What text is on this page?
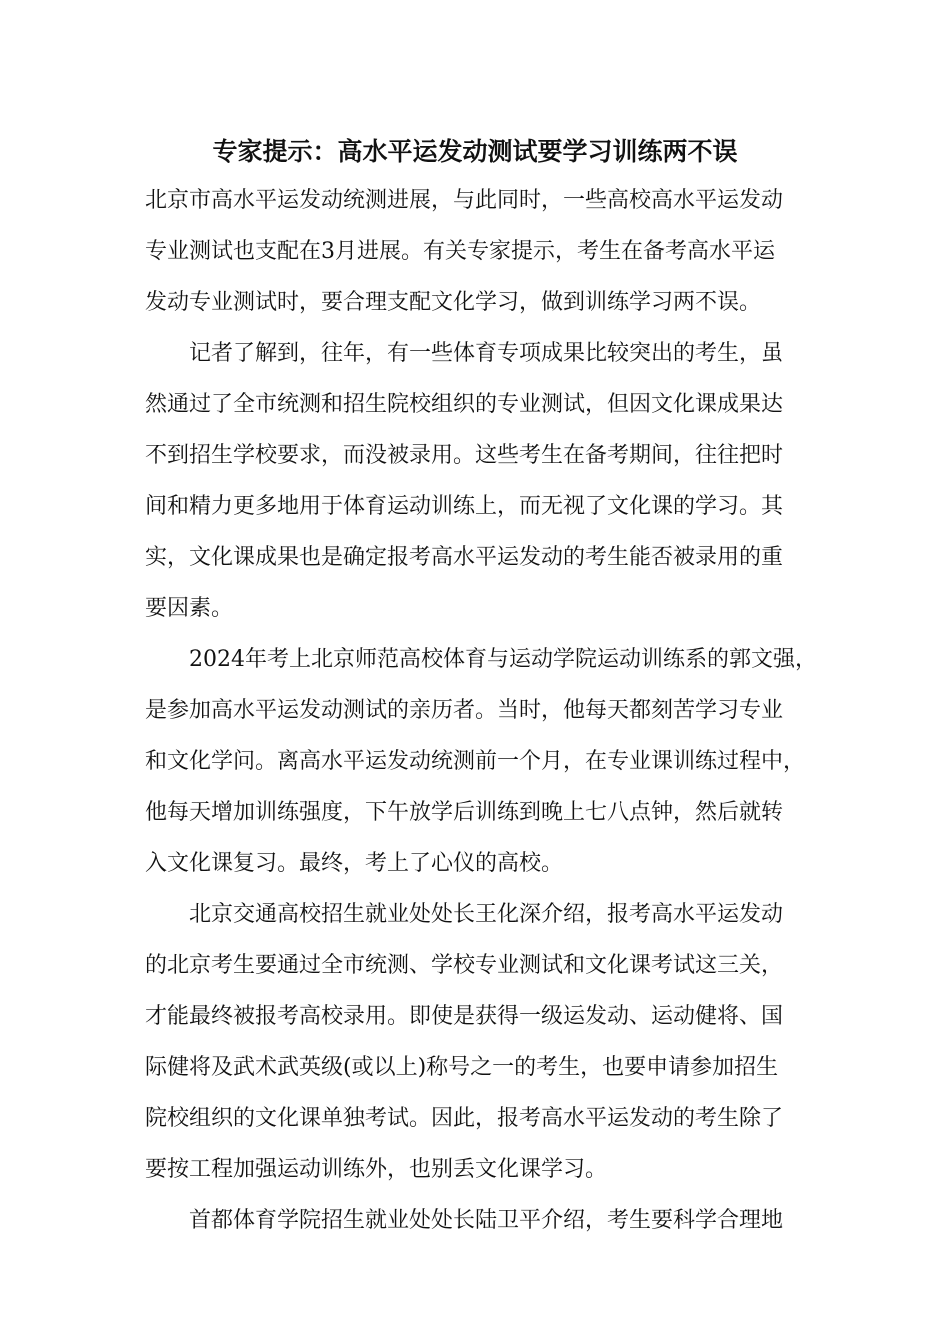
专家提示：高水平运发动测试要学习训练两不误
北京市高水平运发动统测进展，与此同时，一些高校高水平运发动
专业测试也支配在3月进展。有关专家提示，考生在备考高水平运
发动专业测试时，要合理支配文化学习，做到训练学习两不误。
记者了解到，往年，有一些体育专项成果比较突出的考生，虽
然通过了全市统测和招生院校组织的专业测试，但因文化课成果达
不到招生学校要求，而没被录用。这些考生在备考期间，往往把时
间和精力更多地用于体育运动训练上，而无视了文化课的学习。其
实，文化课成果也是确定报考高水平运发动的考生能否被录用的重
要因素。
2024年考上北京师范高校体育与运动学院运动训练系的郭文强，
是参加高水平运发动测试的亲历者。当时，他每天都刻苦学习专业
和文化学问。离高水平运发动统测前一个月，在专业课训练过程中，
他每天增加训练强度，下午放学后训练到晚上七八点钟，然后就转
入文化课复习。最终，考上了心仪的高校。
北京交通高校招生就业处处长王化深介绍，报考高水平运发动
的北京考生要通过全市统测、学校专业测试和文化课考试这三关，
才能最终被报考高校录用。即使是获得一级运发动、运动健将、国
际健将及武术武英级(或以上)称号之一的考生，也要申请参加招生
院校组织的文化课单独考试。因此，报考高水平运发动的考生除了
要按工程加强运动训练外，也别丢文化课学习。
首都体育学院招生就业处处长陆卫平介绍，考生要科学合理地
